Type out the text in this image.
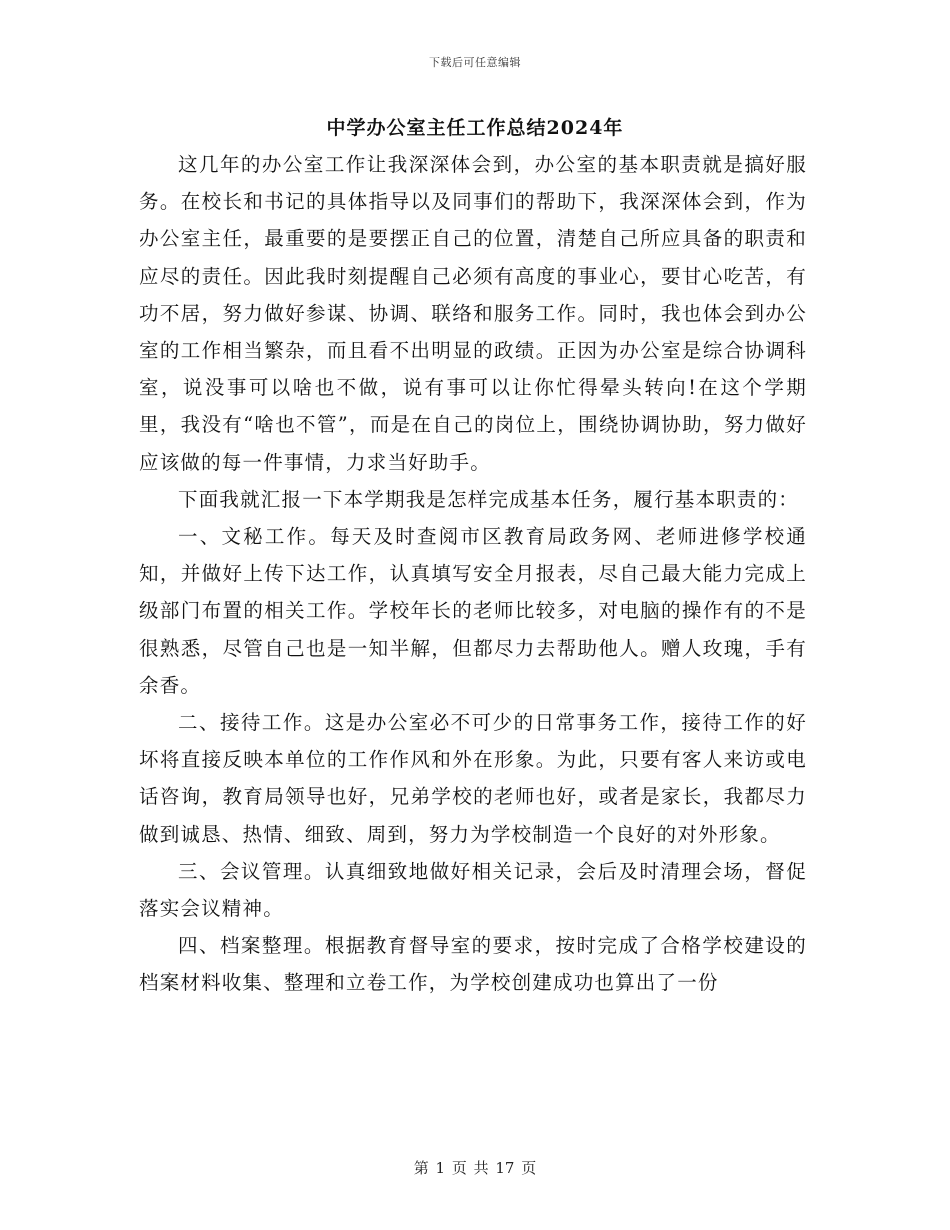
下载后可任意编辑
中学办公室主任工作总结2024年

这几年的办公室工作让我深深体会到，办公室的基本职责就是搞好服务。在校长和书记的具体指导以及同事们的帮助下，我深深体会到，作为办公室主任，最重要的是要摆正自己的位置，清楚自己所应具备的职责和应尽的责任。因此我时刻提醒自己必须有高度的事业心，要甘心吃苦，有功不居，努力做好参谋、协调、联络和服务工作。同时，我也体会到办公室的工作相当繁杂，而且看不出明显的政绩。正因为办公室是综合协调科室，说没事可以啥也不做，说有事可以让你忙得晕头转向!在这个学期里，我没有“啥也不管”，而是在自己的岗位上，围绕协调协助，努力做好应该做的每一件事情，力求当好助手。

下面我就汇报一下本学期我是怎样完成基本任务，履行基本职责的：

一、文秘工作。每天及时查阅市区教育局政务网、老师进修学校通知，并做好上传下达工作，认真填写安全月报表，尽自己最大能力完成上级部门布置的相关工作。学校年长的老师比较多，对电脑的操作有的不是很熟悉，尽管自己也是一知半解，但都尽力去帮助他人。赠人玫瑰，手有余香。

二、接待工作。这是办公室必不可少的日常事务工作，接待工作的好坏将直接反映本单位的工作作风和外在形象。为此，只要有客人来访或电话咨询，教育局领导也好，兄弟学校的老师也好，或者是家长，我都尽力做到诚恳、热情、细致、周到，努力为学校制造一个良好的对外形象。

三、会议管理。认真细致地做好相关记录，会后及时清理会场，督促落实会议精神。

四、档案整理。根据教育督导室的要求，按时完成了合格学校建设的档案材料收集、整理和立卷工作，为学校创建成功也算出了一份

第 1 页 共 17 页
